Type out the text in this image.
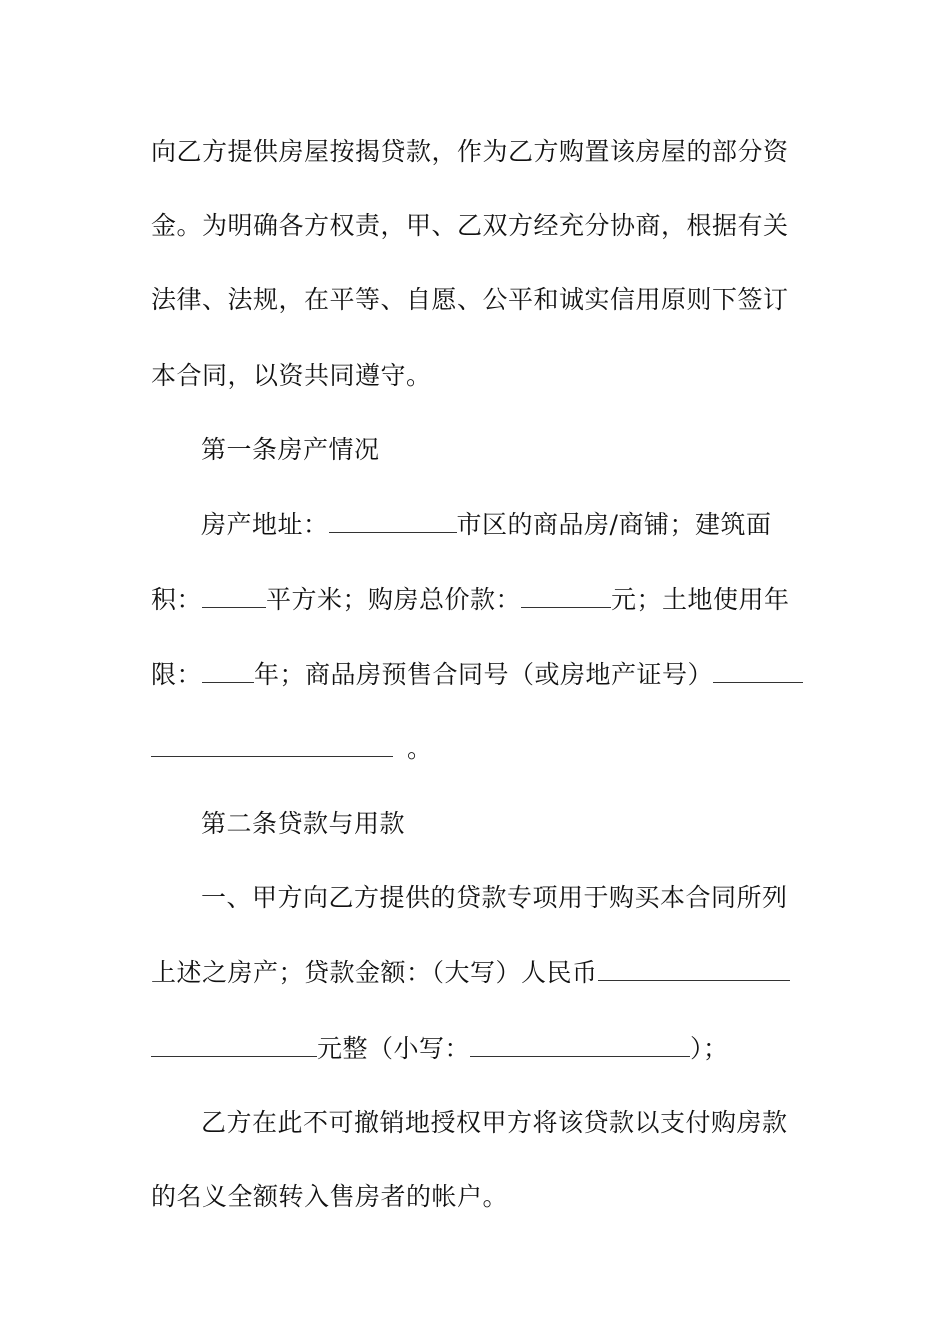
向乙方提供房屋按揭贷款，作为乙方购置该房屋的部分资
金。为明确各方权责，甲、乙双方经充分协商，根据有关
法律、法规，在平等、自愿、公平和诚实信用原则下签订
本合同，以资共同遵守。
第一条房产情况
房产地址：	市区的商品房/商铺；建筑面
积：	平方米；购房总价款：	元；土地使用年
限： 年；商品房预售合同号（或房地产证号）
。
第二条贷款与用款
一、甲方向乙方提供的贷款专项用于购买本合同所列
上述之房产；贷款金额：（大写）人民币
元整（小写：	）；
乙方在此不可撤销地授权甲方将该贷款以支付购房款
的名义全额转入售房者的帐户。
